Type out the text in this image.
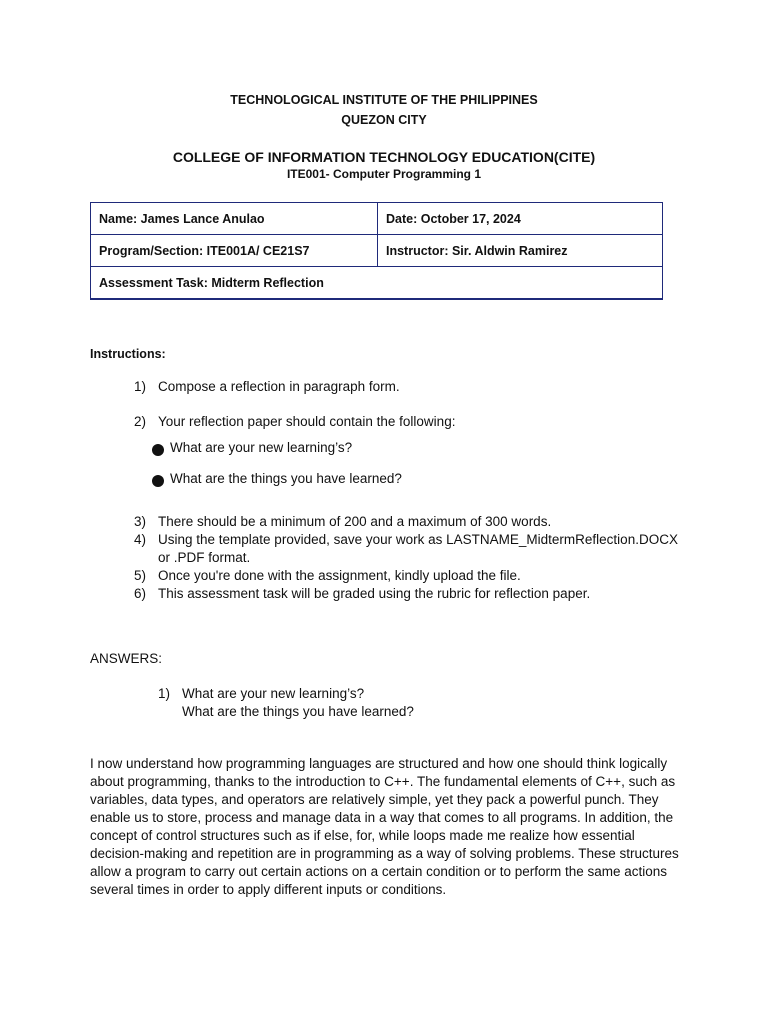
TECHNOLOGICAL INSTITUTE OF THE PHILIPPINES
QUEZON CITY
COLLEGE OF INFORMATION TECHNOLOGY EDUCATION(CITE)
ITE001- Computer Programming 1
Name: James Lance Anulao	Date: October 17, 2024
Program/Section: ITE001A/ CE21S7	Instructor: Sir. Aldwin Ramirez
Assessment Task: Midterm Reflection	
Instructions:
1) Compose a reflection in paragraph form.
2) Your reflection paper should contain the following:
What are your new learning’s?
What are the things you have learned?
3) There should be a minimum of 200 and a maximum of 300 words.
4) Using the template provided, save your work as LASTNAME_MidtermReflection.DOCX
or .PDF format.
5) Once you're done with the assignment, kindly upload the file.
6) This assessment task will be graded using the rubric for reflection paper.
ANSWERS:
1) What are your new learning’s?
What are the things you have learned?
I now understand how programming languages are structured and how one should think logically about programming, thanks to the introduction to C++. The fundamental elements of C++, such as variables, data types, and operators are relatively simple, yet they pack a powerful punch. They enable us to store, process and manage data in a way that comes to all programs. In addition, the concept of control structures such as if else, for, while loops made me realize how essential decision-making and repetition are in programming as a way of solving problems. These structures allow a program to carry out certain actions on a certain condition or to perform the same actions several times in order to apply different inputs or conditions.
